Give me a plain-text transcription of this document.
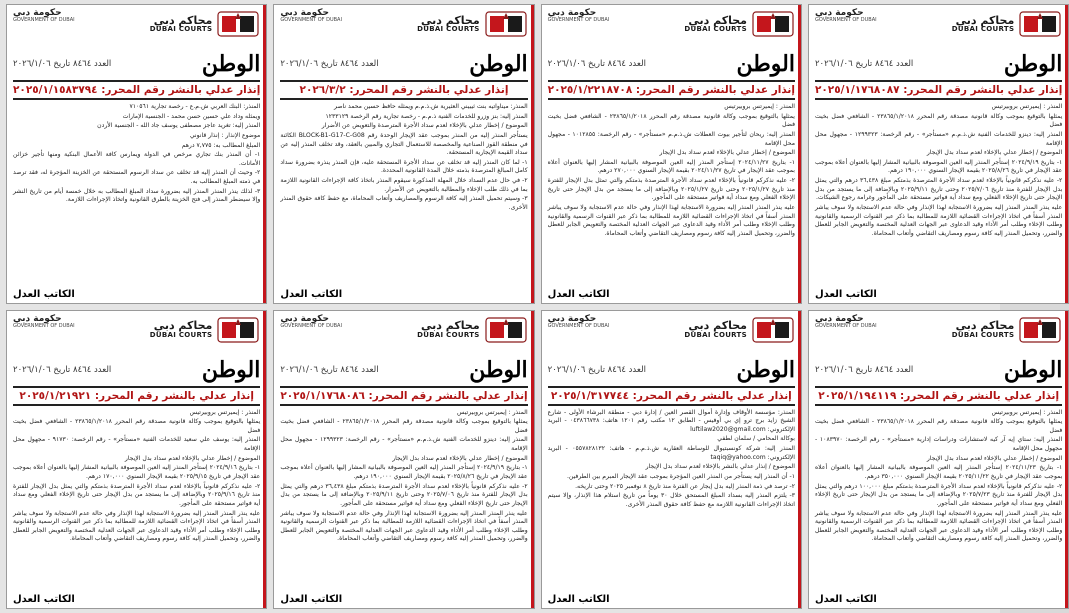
محاكم دبي
DUBAI COURTS
حكومة دبي
GOVERNMENT OF DUBAI
الوطن
العدد ٨٤٦٤ تاريخ ٢٠٢٦/١/٠٦
إنذار عدلي بالنشر رقم المحرر: ٢٠٢٥/١/١٥٨٣٧٩٤

المنذر: البنك العربي ش.م.ع - رخصة تجارية ٧١٠٥٦١

ويمثله وداد علي حسين حسن محمد - الجنسية الإمارات

المنذر إليه: تغريد عاجز مصطفى يوسف جاد الله - الجنسية الأردن

موضوع الإنذار : إنذار قانوني

المبلغ المطالب به: ٧,٧٧٥ درهم

١- أن المنذر بنك تجاري مرخص في الدولة ويمارس كافة الأعمال البنكية ومنها تأجير خزائن الأمانات.

٢- وحيث أن المنذر إليه قد تخلف عن سداد الرسوم المستحقة عن الخزينة المؤجرة له، فقد ترصد في ذمته المبلغ المطالب به.

٣- لذلك ينذر المنذر المنذر إليه بضرورة سداد المبلغ المطالب به خلال خمسة أيام من تاريخ النشر وإلا سيضطر المنذر إلى فتح الخزينة بالطرق القانونية واتخاذ الإجراءات اللازمة.

الكاتب العدل
محاكم دبي
DUBAI COURTS
حكومة دبي
GOVERNMENT OF DUBAI
الوطن
العدد ٨٤٦٤ تاريخ ٢٠٢٦/١/٠٦
إنذار عدلي بالنشر رقم المحرر: ٢٠٢٦/٣/٢

المنذر: ميناواتيه بنت ثيبيني العثيرية ش.ذ.م.م ويمثله حافظ حسين محمد ناصر

المنذر إليه: بنز وزرو للخدمات الفنية ذ.م.م - رخصة تجارية رقم الرخصة ١٢٣٣١٢٩

الموضوع / إخطار عدلي بالإخلاء لعدم سداد الأجرة المترصدة والتعويض عن الأضرار

يستأجر المنذر إليه من المنذر بموجب عقد الإيجار الوحدة رقم BLOCK-B1-G17-C-G08 الكائنة في منطقة القوز الصناعية والمخصصة للاستعمال التجاري والمبين بالعقد، وقد تخلف المنذر إليه عن سداد القيمة الإيجارية المستحقة.

١- لما كان المنذر إليه قد تخلف عن سداد الأجرة المستحقة عليه، فإن المنذر ينذره بضرورة سداد كامل المبالغ المترصدة بذمته خلال المدة القانونية المحددة.

٢- في حال عدم السداد خلال المهلة المذكورة سيقوم المنذر باتخاذ كافة الإجراءات القانونية اللازمة بما في ذلك طلب الإخلاء والمطالبة بالتعويض عن الأضرار.

٣- وسيتم تحميل المنذر إليه كافة الرسوم والمصاريف وأتعاب المحاماة، مع حفظ كافة حقوق المنذر الأخرى.

الكاتب العدل
محاكم دبي
DUBAI COURTS
حكومة دبي
GOVERNMENT OF DUBAI
الوطن
العدد ٨٤٦٤ تاريخ ٢٠٢٦/١/٠٦
إنذار عدلي بالنشر رقم المحرر: ٢٠٢٥/١/٢٢١٨٧٠٨

المنذر : إيميرتس بروبيرتيس

يمثلها بالتوقيع بموجب وكالة قانونية مصدقة رقم المحرر ٢٣٨٦٥/١/٢٠١٨ - الشافعي فضل بخيت فضل

المنذر إليه: ريحان لتأجير بيوت العطلات ش.ذ.م.م «مستأجر» - رقم الرخصة: ١٠١٢٨٥٥ - مجهول محل الإقامة

الموضوع / إخطار عدلي بالإخلاء لعدم سداد بدل الإيجار

١- بتاريخ ٢٠٢٤/١١/٢٧ إستأجر المنذر إليه العين الموصوفة بالبيانية المشار إليها بالعنوان أعلاه بموجب عقد الإيجار في تاريخ ٢٠٢٤/١١/٢٧ بقيمة الإيجار السنوي ٢٧٠,٠٠٠ درهم.

٢- عليه نذكركم قانونياً بالإخلاء لعدم سداد الأجرة المترصدة بذمتكم والتي تمثل بدل الإيجار للفترة منذ تاريخ ٢٠٢٥/١/٢٧ وحتى تاريخ ٢٠٢٥/١/٢٧ وبالإضافة إلى ما يستجد من بدل الإيجار حتى تاريخ الإخلاء الفعلي ومع سداد أية فواتير مستحقة على المأجور.

عليه ينذر المنذر المنذر إليه بضرورة الاستجابة لهذا الإنذار وفي حالة عدم الاستجابة ولا سوف يباشر المنذر أسفاً في اتخاذ الإجراءات القضائية اللازمة للمطالبة بما ذكر عبر القنوات الرسمية والقانونية وطلب الإخلاء وطلب أمر الأداء وقيد الدعاوى عبر الجهات العدلية المختصة والتعويض الجابر للعطل والضرر، وتحميل المنذر إليه كافة رسوم ومصاريف التقاضي وأتعاب المحاماة.

الكاتب العدل
محاكم دبي
DUBAI COURTS
حكومة دبي
GOVERNMENT OF DUBAI
الوطن
العدد ٨٤٦٤ تاريخ ٢٠٢٦/١/٠٦
إنذار عدلي بالنشر رقم المحرر: ٢٠٢٥/١/١٧٦٨٠٨٧

المنذر : إيميرتس بروبيرتيس

يمثلها بالتوقيع بموجب وكالة قانونية مصدقة رقم المحرر ٢٣٨٦٥/١/٢٠١٨ - الشافعي فضل بخيت فضل

المنذر إليه: دينزو للخدمات الفنية ش.ذ.م.م «مستأجر» - رقم الرخصة: ١٢٩٩٣٢٣ - مجهول محل الإقامة

الموضوع / إخطار عدلي بالإخلاء لعدم سداد بدل الإيجار

١- بتاريخ ٢٠٢٤/٩/١٩ إستأجر المنذر إليه العين الموصوفة بالبيانية المشار إليها بالعنوان أعلاه بموجب عقد الإيجار في تاريخ ٢٠٢٥/٨/٢٦ بقيمة الإيجار السنوي ١٩٠,٠٠٠ درهم.

٢- عليه نذكركم قانونياً بالإخلاء لعدم سداد الأجرة المترصدة بذمتكم مبلغ ٣٦,٤٣٨ درهم والتي يمثل بدل الإيجار للفترة منذ تاريخ ٢٠٢٥/٧/٠٦ وحتى تاريخ ٢٠٢٥/٩/١١ وبالإضافة إلى ما يستجد من بدل الإيجار حتى تاريخ الإخلاء الفعلي ومع سداد أية فواتير مستحقة على المأجور وغرامة رجوع الشيكات.

عليه ينذر المنذر المنذر إليه بضرورة الاستجابة لهذا الإنذار وفي حالة عدم الاستجابة ولا سوف يباشر المنذر أسفاً في اتخاذ الإجراءات القضائية اللازمة للمطالبة بما ذكر عبر القنوات الرسمية والقانونية وطلب الإخلاء وطلب أمر الأداء وقيد الدعاوى عبر الجهات العدلية المختصة والتعويض الجابر للعطل والضرر، وتحميل المنذر إليه كافة رسوم ومصاريف التقاضي وأتعاب المحاماة.

الكاتب العدل
محاكم دبي
DUBAI COURTS
حكومة دبي
GOVERNMENT OF DUBAI
الوطن
العدد ٨٤٦٤ تاريخ ٢٠٢٦/١/٠٦
إنذار عدلي بالنشر رقم المحرر: ٢٠٢٥/١/٢١٩٢١

المنذر : إيميرتس بروبيرتيس

يمثلها بالتوقيع بموجب وكالة قانونية مصدقة رقم المحرر ٢٣٨٦٥/١/٢٠١٨ - الشافعي فضل بخيت فضل

المنذر إليه: يوسف علي سعيد للخدمات الفنية «مستأجر» - رقم الرخصة: ٩١٧٣٠ - مجهول محل الإقامة

الموضوع / إخطار عدلي بالإخلاء لعدم سداد بدل الإيجار

١- بتاريخ ٢٠٢٤/٩/١٦ إستأجر المنذر إليه العين الموصوفة بالبيانية المشار إليها بالعنوان أعلاه بموجب عقد الإيجار في تاريخ ٢٠٢٥/٩/١٥ بقيمة الإيجار السنوي ١٧٠,٠٠٠ درهم.

٢- عليه نذكركم قانونياً بالإخلاء لعدم سداد الأجرة المترصدة بذمتكم والتي يمثل بدل الإيجار للفترة منذ تاريخ ٢٠٢٥/٩/١٦ وبالإضافة إلى ما يستجد من بدل الإيجار حتى تاريخ الإخلاء الفعلي ومع سداد أية فواتير مستحقة على المأجور.

عليه ينذر المنذر المنذر إليه بضرورة الاستجابة لهذا الإنذار وفي حالة عدم الاستجابة ولا سوف يباشر المنذر أسفاً في اتخاذ الإجراءات القضائية اللازمة للمطالبة بما ذكر عبر القنوات الرسمية والقانونية وطلب الإخلاء وطلب أمر الأداء وقيد الدعاوى عبر الجهات العدلية المختصة والتعويض الجابر للعطل والضرر، وتحميل المنذر إليه كافة رسوم ومصاريف التقاضي وأتعاب المحاماة.

الكاتب العدل
محاكم دبي
DUBAI COURTS
حكومة دبي
GOVERNMENT OF DUBAI
الوطن
العدد ٨٤٦٤ تاريخ ٢٠٢٦/١/٠٦
إنذار عدلي بالنشر رقم المحرر: ٢٠٢٥/١/١٧٦٨٠٨٦

المنذر : إيميرتس بروبيرتيس

يمثلها بالتوقيع بموجب وكالة قانونية مصدقة رقم المحرر ٢٣٨٦٥/١/٢٠١٨ - الشافعي فضل بخيت فضل

المنذر إليه: دينزو للخدمات الفنية ش.ذ.م.م «مستأجر» - رقم الرخصة: ١٢٩٩٣٢٣ - مجهول محل الإقامة

الموضوع / إخطار عدلي بالإخلاء لعدم سداد بدل الإيجار

١- بتاريخ ٢٠٢٤/٩/١٩ إستأجر المنذر إليه العين الموصوفة بالبيانية المشار إليها بالعنوان أعلاه بموجب عقد الإيجار في تاريخ ٢٠٢٥/٨/٢٦ بقيمة الإيجار السنوي ١٩٠,٠٠٠ درهم.

٢- عليه نذكركم قانونياً بالإخلاء لعدم سداد الأجرة المترصدة بذمتكم مبلغ ٣٦,٤٣٨ درهم والتي يمثل بدل الإيجار للفترة منذ تاريخ ٢٠٢٥/٧/٠٦ وحتى تاريخ ٢٠٢٥/٩/١١ وبالإضافة إلى ما يستجد من بدل الإيجار حتى تاريخ الإخلاء الفعلي ومع سداد أية فواتير مستحقة على المأجور.

عليه ينذر المنذر المنذر إليه بضرورة الاستجابة لهذا الإنذار وفي حالة عدم الاستجابة ولا سوف يباشر المنذر أسفاً في اتخاذ الإجراءات القضائية اللازمة للمطالبة بما ذكر عبر القنوات الرسمية والقانونية وطلب الإخلاء وطلب أمر الأداء وقيد الدعاوى عبر الجهات العدلية المختصة والتعويض الجابر للعطل والضرر، وتحميل المنذر إليه كافة رسوم ومصاريف التقاضي وأتعاب المحاماة.

الكاتب العدل
محاكم دبي
DUBAI COURTS
حكومة دبي
GOVERNMENT OF DUBAI
الوطن
العدد ٨٤٦٤ تاريخ ٢٠٢٦/١/٠٦
إنذار عدلي بالنشر رقم المحرر: ٢٠٢٥/١/٣١٧٧٤٤

المنذر: مؤسسة الأوقاف وإدارة أموال القصر العين / إدارة دبي - منطقة البرشاء الأولى - شارع الشيخ زايد برج ترو إي بي أوفيس - الطابق ١٢ مكتب رقم ١٢٠١ هاتف: ٠٤٣٨٦٦٧٣٨ - البريد الإلكتروني: luftilaw2020@gmail.com

بوكالة المحامي / سلمان لطفي

المنذر إليه: شركة كونسبتيوال للوساطة العقارية ش.ذ.م.م - هاتف: ٠٥٥٧٨٢٨١٣٢ - البريد الإلكتروني: taqiq@yahoo.com

الموضوع / إنذار عدلي بالنشر بالإخلاء لعدم سداد بدل الإيجار

١- أن المنذر إليه يستأجر من المنذر العين المؤجرة بموجب عقد الإيجار المبرم بين الطرفين.

٢- ترصد في ذمة المنذر إليه بدل إيجار عن الفترة منذ تاريخ ٨ نوفمبر ٢٠٢٥ وحتى تاريخه.

٣- يلتزم المنذر إليه بسداد المبلغ المستحق خلال ٣٠ يوماً من تاريخ استلام هذا الإنذار، وإلا سيتم اتخاذ الإجراءات القانونية اللازمة مع حفظ كافة حقوق المنذر الأخرى.

الكاتب العدل
محاكم دبي
DUBAI COURTS
حكومة دبي
GOVERNMENT OF DUBAI
الوطن
العدد ٨٤٦٤ تاريخ ٢٠٢٦/١/٠٦
إنذار عدلي بالنشر رقم المحرر: ٢٠٢٥/١/١٩٤١١٩

المنذر : إيميرتس بروبيرتيس

يمثلها بالتوقيع بموجب وكالة قانونية مصدقة رقم المحرر ٢٣٨٦٥/١/٢٠١٨ - الشافعي فضل بخيت فضل

المنذر إليه: ستاي إيه آر كيه لاستشارات ودراسات إدارية «مستأجر» - رقم الرخصة: ١٠٨٣٩٧٠ - مجهول محل الإقامة

الموضوع / إخطار عدلي بالإخلاء لعدم سداد بدل الإيجار

١- بتاريخ ٢٠٢٤/١١/٢٣ إستأجر المنذر إليه العين الموصوفة بالبيانية المشار إليها بالعنوان أعلاه بموجب عقد الإيجار في تاريخ ٢٠٢٥/١١/٢٢ بقيمة الإيجار السنوي ٣٥٠,٠٠٠ درهم.

٢- عليه نذكركم قانونياً بالإخلاء لعدم سداد الأجرة المترصدة بذمتكم مبلغ ١٠٠,٠٠٠ درهم والتي يمثل بدل الإيجار للفترة منذ تاريخ ٢٠٢٥/٧/٢٣ وبالإضافة إلى ما يستجد من بدل الإيجار حتى تاريخ الإخلاء الفعلي ومع سداد أية فواتير مستحقة على المأجور.

عليه ينذر المنذر المنذر إليه بضرورة الاستجابة لهذا الإنذار وفي حالة عدم الاستجابة ولا سوف يباشر المنذر أسفاً في اتخاذ الإجراءات القضائية اللازمة للمطالبة بما ذكر عبر القنوات الرسمية والقانونية وطلب الإخلاء وطلب أمر الأداء وقيد الدعاوى عبر الجهات العدلية المختصة والتعويض الجابر للعطل والضرر، وتحميل المنذر إليه كافة رسوم ومصاريف التقاضي وأتعاب المحاماة.

الكاتب العدل
